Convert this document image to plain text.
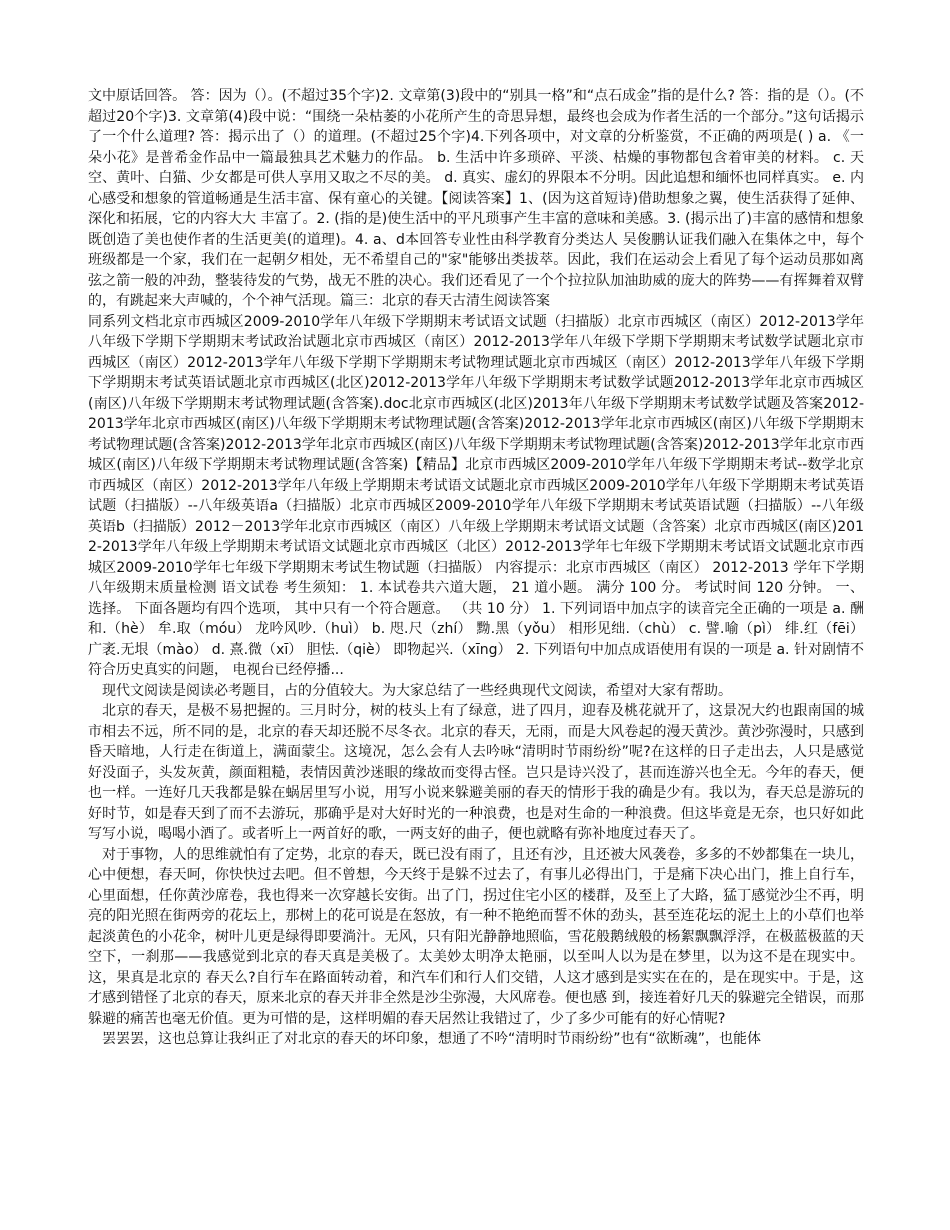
文中原话回答。 答：因为（）。(不超过35个字)2. 文章第(3)段中的“别具一格”和“点石成金”指的是什么? 答：指的是（）。(不超过20个字)3. 文章第(4)段中说：“围绕一朵枯萎的小花所产生的奇思异想，最终也会成为作者生活的一个部分。”这句话揭示了一个什么道理? 答：揭示出了（）的道理。(不超过25个字)4.下列各项中，对文章的分析鉴赏，不正确的两项是( ) a. 《一朵小花》是普希金作品中一篇最独具艺术魅力的作品。 b. 生活中许多琐碎、平淡、枯燥的事物都包含着审美的材料。 c. 天空、黄叶、白猫、少女都是可供人享用又取之不尽的美。 d. 真实、虚幻的界限本不分明。因此追想和缅怀也同样真实。 e. 内心感受和想象的管道畅通是生活丰富、保有童心的关键。【阅读答案】1、(因为这首短诗)借助想象之翼，使生活获得了延伸、深化和拓展，它的内容大大 丰富了。2. (指的是)使生活中的平凡琐事产生丰富的意味和美感。3. (揭示出了)丰富的感情和想象既创造了美也使作者的生活更美(的道理)。4. a、d本回答专业性由科学教育分类达人 吴俊鹏认证我们融入在集体之中，每个班级都是一个家，我们在一起朝夕相处，无不希望自己的"家"能够出类拔萃。因此，我们在运动会上看见了每个运动员那如离弦之箭一般的冲劲，整装待发的气势，战无不胜的决心。我们还看见了一个个拉拉队加油助威的庞大的阵势——有挥舞着双臂的，有跳起来大声喊的，个个神气活现。篇三：北京的春天古清生阅读答案

同系列文档北京市西城区2009-2010学年八年级下学期期末考试语文试题（扫描版）北京市西城区（南区）2012-2013学年八年级下学期下学期期末考试政治试题北京市西城区（南区）2012-2013学年八年级下学期下学期期末考试数学试题北京市西城区（南区）2012-2013学年八年级下学期下学期期末考试物理试题北京市西城区（南区）2012-2013学年八年级下学期下学期期末考试英语试题北京市西城区(北区)2012-2013学年八年级下学期期末考试数学试题2012-2013学年北京市西城区(南区)八年级下学期期末考试物理试题(含答案).doc北京市西城区(北区)2013年八年级下学期期末考试数学试题及答案2012-2013学年北京市西城区(南区)八年级下学期期末考试物理试题(含答案)2012-2013学年北京市西城区(南区)八年级下学期期末考试物理试题(含答案)2012-2013学年北京市西城区(南区)八年级下学期期末考试物理试题(含答案)2012-2013学年北京市西城区(南区)八年级下学期期末考试物理试题(含答案)【精品】北京市西城区2009-2010学年八年级下学期期末考试--数学北京市西城区（南区）2012-2013学年八年级上学期期末考试语文试题北京市西城区2009-2010学年八年级下学期期末考试英语试题（扫描版）--八年级英语a（扫描版）北京市西城区2009-2010学年八年级下学期期末考试英语试题（扫描版）--八年级英语b（扫描版）2012－2013学年北京市西城区（南区）八年级上学期期末考试语文试题（含答案）北京市西城区(南区)2012-2013学年八年级上学期期末考试语文试题北京市西城区（北区）2012-2013学年七年级下学期期末考试语文试题北京市西城区2009-2010学年七年级下学期期末考试生物试题（扫描版） 内容提示：北京市西城区（南区） 2012-2013 学年下学期八年级期末质量检测 语文试卷 考生须知： 1. 本试卷共六道大题， 21 道小题。 满分 100 分。 考试时间 120 分钟。 一、 选择。 下面各题均有四个选项， 其中只有一个符合题意。 （共 10 分） 1. 下列词语中加点字的读音完全正确的一项是 a. 酬和.（hè） 牟.取（móu） 龙吟风吵.（huì） b. 咫.尺（zhí） 黝.黑（yǒu） 相形见绌.（chù） c. 譬.喻（pì） 绯.红（fēi） 广袤.无垠（mào） d. 熹.微（xī） 胆怯.（qiè） 即物起兴.（xīng） 2. 下列语句中加点成语使用有误的一项是 a. 针对剧情不符合历史真实的问题， 电视台已经停播...

现代文阅读是阅读必考题目，占的分值较大。为大家总结了一些经典现代文阅读，希望对大家有帮助。

北京的春天，是极不易把握的。三月时分，树的枝头上有了绿意，进了四月，迎春及桃花就开了，这景况大约也跟南国的城市相去不远，所不同的是，北京的春天却还脱不尽冬衣。北京的春天，无雨，而是大风卷起的漫天黄沙。黄沙弥漫时，只感到昏天暗地，人行走在街道上，满面蒙尘。这境况，怎么会有人去吟咏“清明时节雨纷纷”呢?在这样的日子走出去，人只是感觉好没面子，头发灰黄，颜面粗糙，表情因黄沙迷眼的缘故而变得古怪。岂只是诗兴没了，甚而连游兴也全无。今年的春天，便也一样。一连好几天我都是躲在蜗居里写小说，用写小说来躲避美丽的春天的情形于我的确是少有。我以为，春天总是游玩的好时节，如是春天到了而不去游玩，那确乎是对大好时光的一种浪费，也是对生命的一种浪费。但这毕竟是无奈，也只好如此写写小说，喝喝小酒了。或者听上一两首好的歌，一两支好的曲子，便也就略有弥补地度过春天了。

对于事物，人的思维就怕有了定势，北京的春天，既已没有雨了，且还有沙，且还被大风袭卷，多多的不妙都集在一块儿，心中便想，春天呵，你快快过去吧。但不曾想，今天终于是躲不过去了，有事儿必得出门，于是痛下决心出门，推上自行车，心里面想，任你黄沙席卷，我也得来一次穿越长安街。出了门，拐过住宅小区的楼群，及至上了大路，猛丁感觉沙尘不再，明亮的阳光照在街两旁的花坛上，那树上的花可说是在怒放，有一种不艳绝而誓不休的劲头，甚至连花坛的泥土上的小草们也举起淡黄色的小花伞，树叶儿更是绿得即要淌汁。无风，只有阳光静静地照临，雪花般鹅绒般的杨絮飘飘浮浮，在极蓝极蓝的天空下，一刹那——我感觉到北京的春天真是美极了。太美妙太明净太艳丽，以至叫人以为是在梦里，以为这不是在现实中。这，果真是北京的 春天么?自行车在路面转动着，和汽车们和行人们交错，人这才感到是实实在在的，是在现实中。于是，这才感到错怪了北京的春天，原来北京的春天并非全然是沙尘弥漫，大风席卷。便也感 到，接连着好几天的躲避完全错误，而那躲避的痛苦也毫无价值。更为可惜的是，这样明媚的春天居然让我错过了，少了多少可能有的好心情呢?

罢罢罢，这也总算让我纠正了对北京的春天的坏印象，想通了不吟“清明时节雨纷纷”也有“欲断魂”，也能体
